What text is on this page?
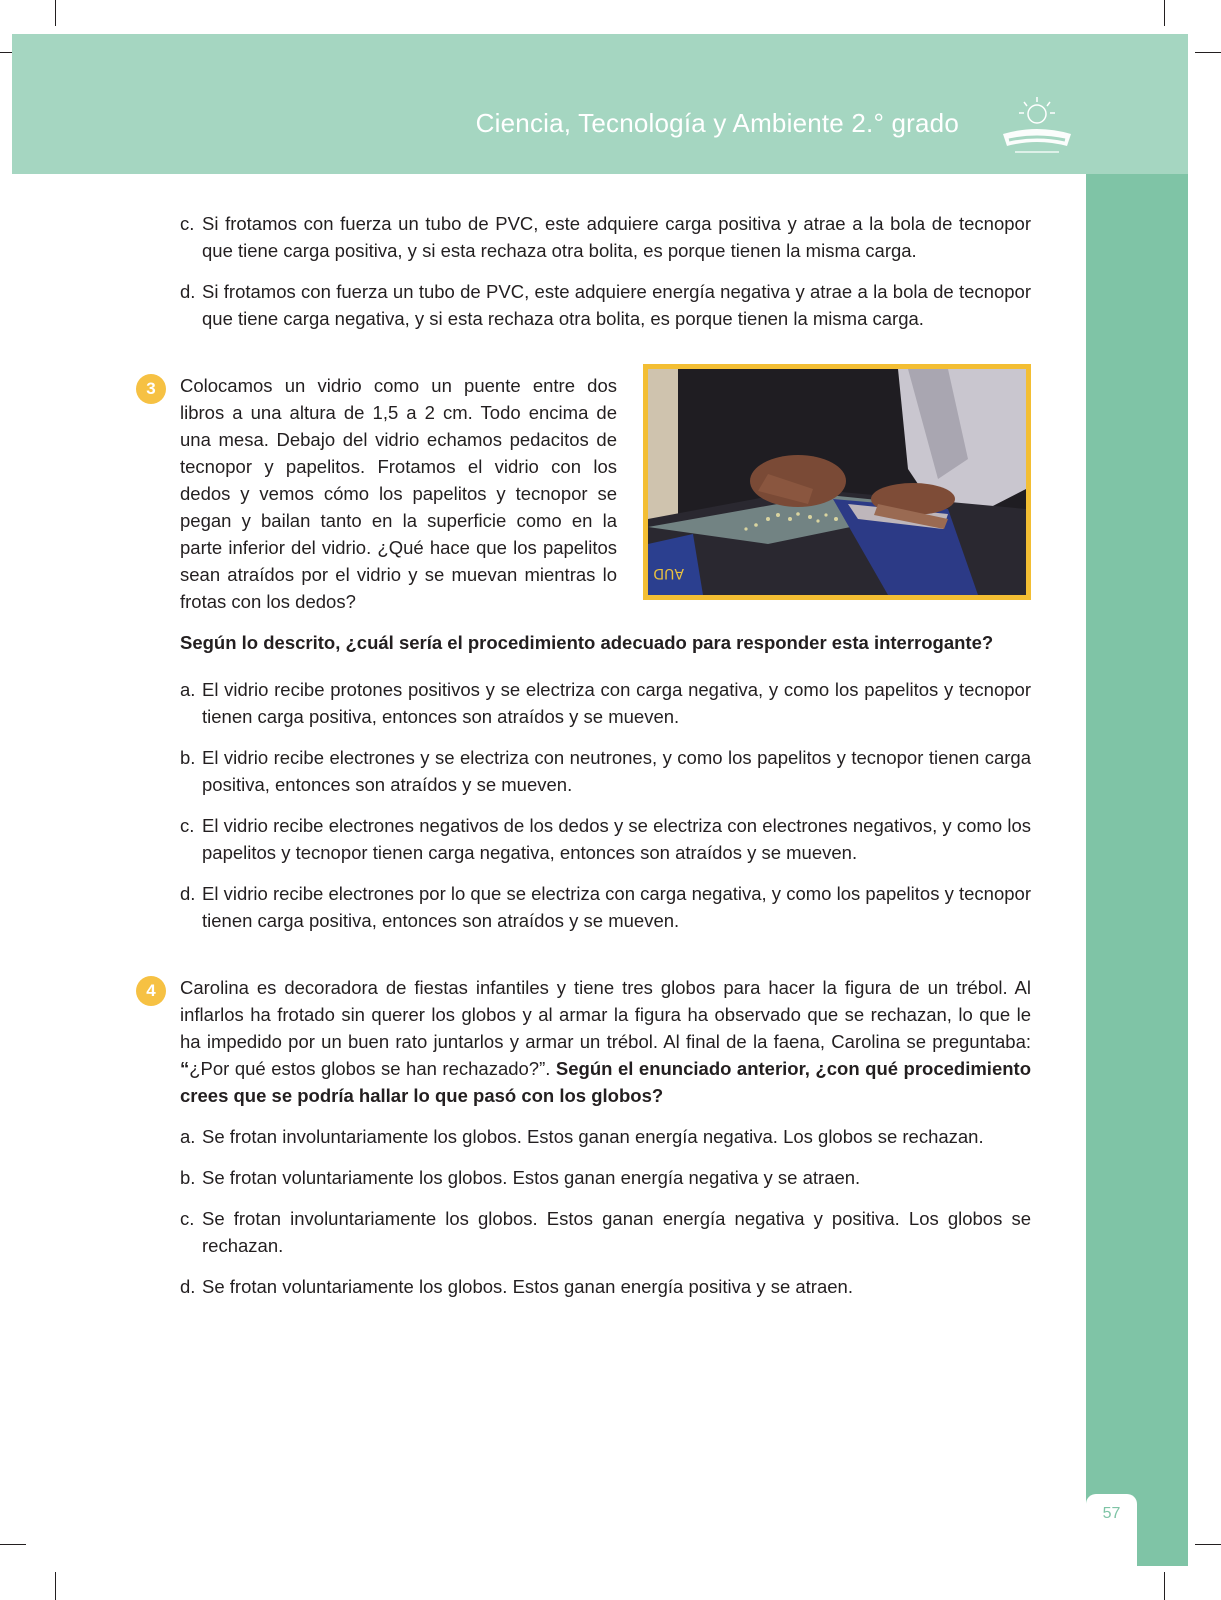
Ciencia, Tecnología y Ambiente 2.° grado
57
c. Si frotamos con fuerza un tubo de PVC, este adquiere carga positiva y atrae a la bola de tecnopor que tiene carga positiva, y si esta rechaza otra bolita, es porque tienen la misma carga.
d. Si frotamos con fuerza un tubo de PVC, este adquiere energía negativa y atrae a la bola de tecnopor que tiene carga negativa, y si esta rechaza otra bolita, es porque tienen la misma carga.
3	Colocamos un vidrio como un puente entre dos libros a una altura de 1,5 a 2 cm. Todo encima de una mesa. Debajo del vidrio echamos pedacitos de tecnopor y papelitos. Frotamos el vidrio con los dedos y vemos cómo los papelitos y tecnopor se pegan y bailan tanto en la superficie como en la parte inferior del vidrio. ¿Qué hace que los papelitos sean atraídos por el vidrio y se muevan mientras lo frotas con los dedos?
AUD
Según lo descrito, ¿cuál sería el procedimiento adecuado para responder esta interrogante?
a. El vidrio recibe protones positivos y se electriza con carga negativa, y como los papelitos y tecnopor tienen carga positiva, entonces son atraídos y se mueven.
b. El vidrio recibe electrones y se electriza con neutrones, y como los papelitos y tecnopor tienen carga positiva, entonces son atraídos y se mueven.
c. El vidrio recibe electrones negativos de los dedos y se electriza con electrones negativos, y como los papelitos y tecnopor tienen carga negativa, entonces son atraídos y se mueven.
d. El vidrio recibe electrones por lo que se electriza con carga negativa, y como los papelitos y tecnopor tienen carga positiva, entonces son atraídos y se mueven.
4	Carolina es decoradora de fiestas infantiles y tiene tres globos para hacer la figura de un trébol. Al inflarlos ha frotado sin querer los globos y al armar la figura ha observado que se rechazan, lo que le ha impedido por un buen rato juntarlos y armar un trébol. Al final de la faena, Carolina se preguntaba: “¿Por qué estos globos se han rechazado?”. Según el enunciado anterior, ¿con qué procedimiento crees que se podría hallar lo que pasó con los globos?

a. Se frotan involuntariamente los globos. Estos ganan energía negativa. Los globos se rechazan.
b. Se frotan voluntariamente los globos. Estos ganan energía negativa y se atraen.
c. Se frotan involuntariamente los globos. Estos ganan energía negativa y positiva. Los globos se rechazan.
d. Se frotan voluntariamente los globos. Estos ganan energía positiva y se atraen.
